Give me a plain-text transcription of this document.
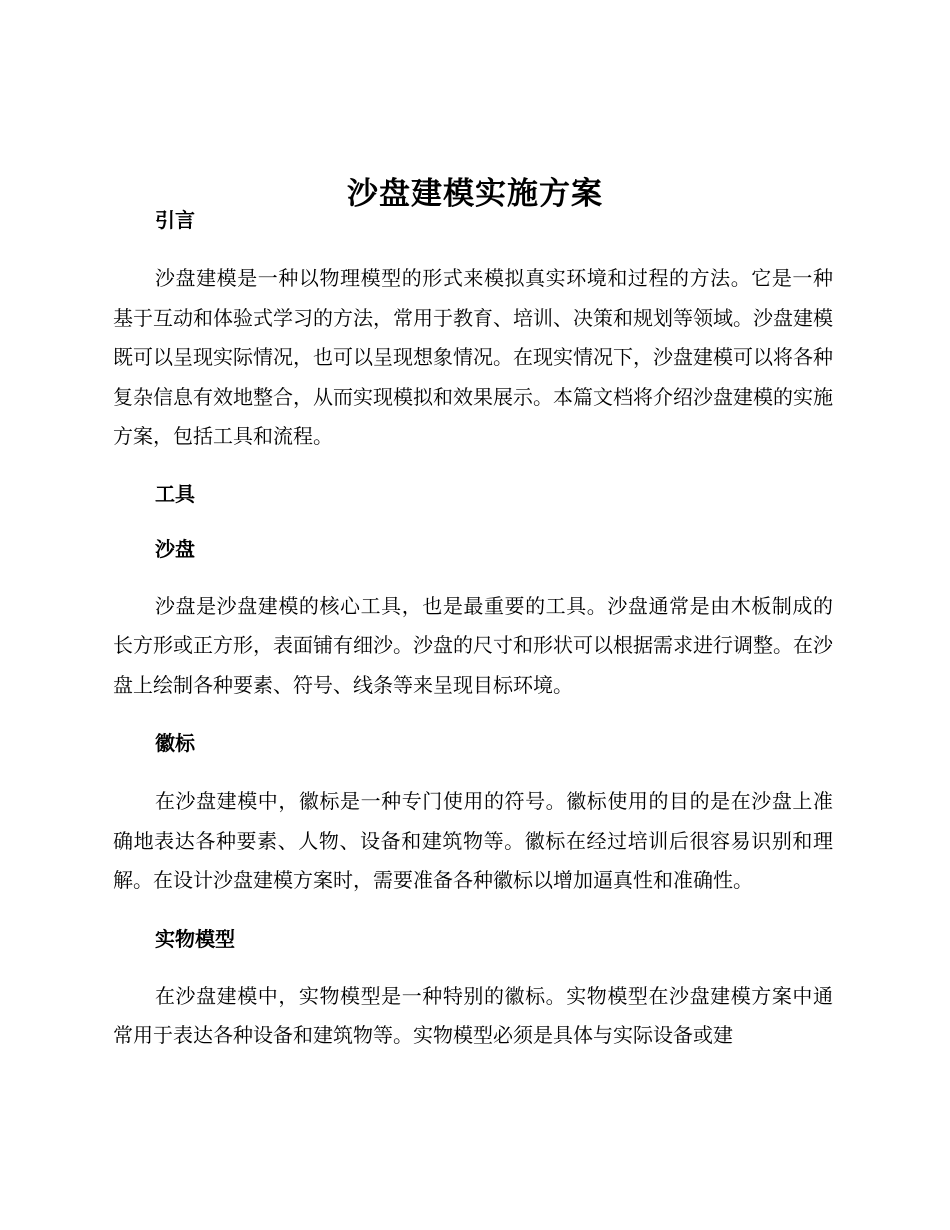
沙盘建模实施方案
引言

沙盘建模是一种以物理模型的形式来模拟真实环境和过程的方法。它是一种基于互动和体验式学习的方法，常用于教育、培训、决策和规划等领域。沙盘建模既可以呈现实际情况，也可以呈现想象情况。在现实情况下，沙盘建模可以将各种复杂信息有效地整合，从而实现模拟和效果展示。本篇文档将介绍沙盘建模的实施方案，包括工具和流程。

工具
沙盘

沙盘是沙盘建模的核心工具，也是最重要的工具。沙盘通常是由木板制成的长方形或正方形，表面铺有细沙。沙盘的尺寸和形状可以根据需求进行调整。在沙盘上绘制各种要素、符号、线条等来呈现目标环境。

徽标

在沙盘建模中，徽标是一种专门使用的符号。徽标使用的目的是在沙盘上准确地表达各种要素、人物、设备和建筑物等。徽标在经过培训后很容易识别和理解。在设计沙盘建模方案时，需要准备各种徽标以增加逼真性和准确性。

实物模型

在沙盘建模中，实物模型是一种特别的徽标。实物模型在沙盘建模方案中通常用于表达各种设备和建筑物等。实物模型必须是具体与实际设备或建
